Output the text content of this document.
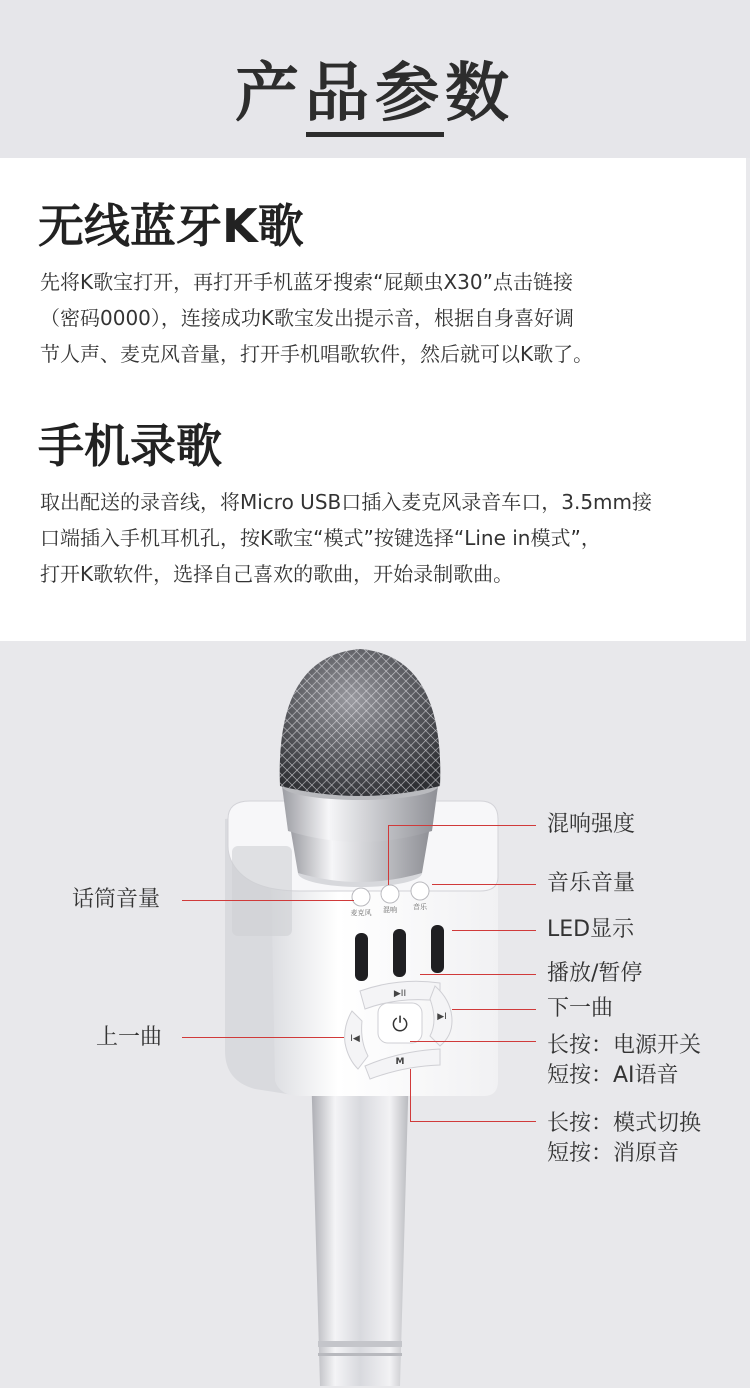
产品参数
无线蓝牙K歌

先将K歌宝打开，再打开手机蓝牙搜索“屁颠虫X30”点击链接

（密码0000），连接成功K歌宝发出提示音，根据自身喜好调

节人声、麦克风音量，打开手机唱歌软件，然后就可以K歌了。

手机录歌

取出配送的录音线，将Micro USB口插入麦克风录音车口，3.5mm接

口端插入手机耳机孔，按K歌宝“模式”按键选择“Line in模式”，

打开K歌软件，选择自己喜欢的歌曲，开始录制歌曲。

麦克风 混响 音乐
▶II
▶I
I◀
⏻
M
混响强度
话筒音量
音乐音量
LED显示
播放/暂停
下一曲
上一曲	长按：电源开关
短按：AI语音
长按：模式切换
短按：消原音
